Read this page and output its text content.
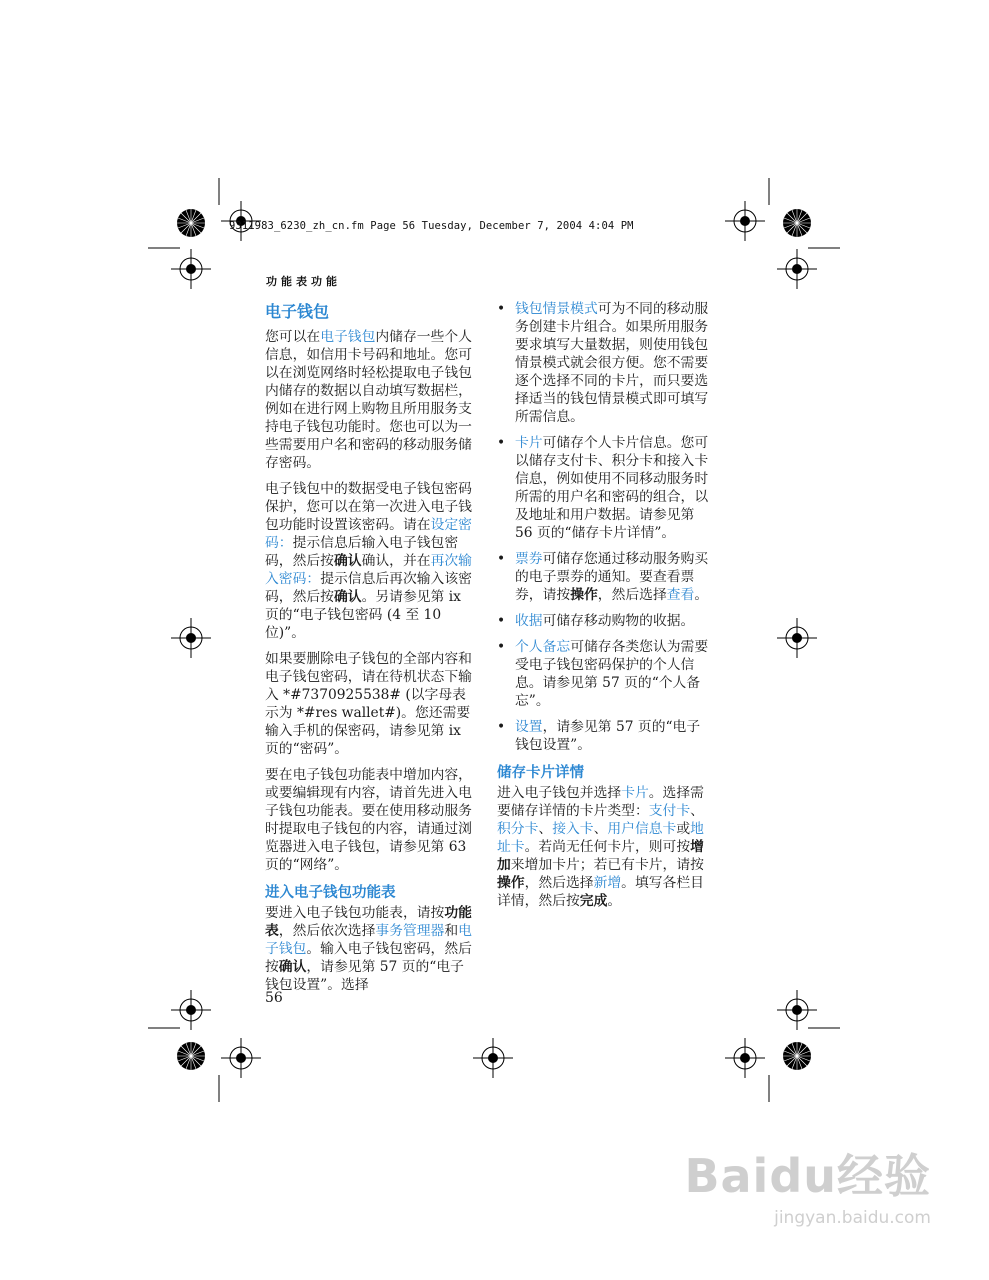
9311983_6230_zh_cn.fm Page 56 Tuesday, December 7, 2004 4:04 PM
功能表功能
电子钱包

您可以在电子钱包内储存一些个人信息，如信用卡号码和地址。您可以在浏览网络时轻松提取电子钱包内储存的数据以自动填写数据栏，例如在进行网上购物且所用服务支持电子钱包功能时。您也可以为一些需要用户名和密码的移动服务储存密码。

电子钱包中的数据受电子钱包密码保护，您可以在第一次进入电子钱包功能时设置该密码。请在设定密码：提示信息后输入电子钱包密码，然后按确认确认，并在再次输入密码：提示信息后再次输入该密码，然后按确认。另请参见第 ix 页的“电子钱包密码 (4 至 10 位)”。

如果要删除电子钱包的全部内容和电子钱包密码，请在待机状态下输入 *#7370925538# (以字母表示为 *#res wallet#)。您还需要输入手机的保密码，请参见第 ix 页的“密码”。

要在电子钱包功能表中增加内容，或要编辑现有内容，请首先进入电子钱包功能表。要在使用移动服务时提取电子钱包的内容，请通过浏览器进入电子钱包，请参见第 63 页的“网络”。

进入电子钱包功能表

要进入电子钱包功能表，请按功能表，然后依次选择事务管理器和电子钱包。输入电子钱包密码，然后按确认，请参见第 57 页的“电子钱包设置”。选择

• 钱包情景模式可为不同的移动服务创建卡片组合。如果所用服务要求填写大量数据，则使用钱包情景模式就会很方便。您不需要逐个选择不同的卡片，而只要选择适当的钱包情景模式即可填写所需信息。
• 卡片可储存个人卡片信息。您可以储存支付卡、积分卡和接入卡信息，例如使用不同移动服务时所需的用户名和密码的组合，以及地址和用户数据。请参见第 56 页的“储存卡片详情”。
• 票券可储存您通过移动服务购买的电子票券的通知。要查看票券，请按操作，然后选择查看。
• 收据可储存移动购物的收据。
• 个人备忘可储存各类您认为需要受电子钱包密码保护的个人信息。请参见第 57 页的“个人备忘”。
• 设置，请参见第 57 页的“电子钱包设置”。
储存卡片详情

进入电子钱包并选择卡片。选择需要储存详情的卡片类型：支付卡、积分卡、接入卡、用户信息卡或地址卡。若尚无任何卡片，则可按增加来增加卡片；若已有卡片，请按操作，然后选择新增。填写各栏目详情，然后按完成。

56
Baidu经验
jingyan.baidu.com
